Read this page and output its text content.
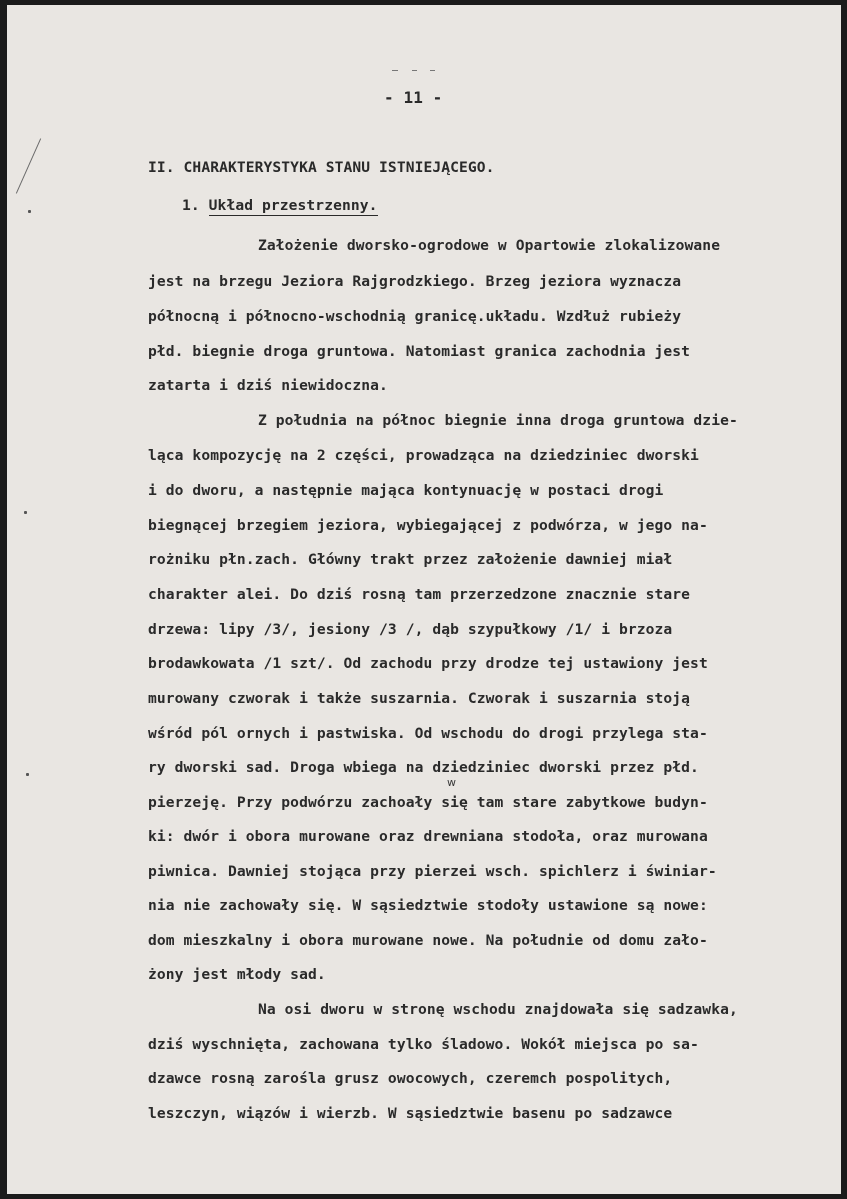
- 11 -
II. CHARAKTERYSTYKA STANU ISTNIEJĄCEGO.
1. Układ przestrzenny.
Założenie dworsko-ogrodowe w Opartowie zlokalizowane
jest na brzegu Jeziora Rajgrodzkiego. Brzeg jeziora wyznacza
północną i północno-wschodnią granicę.układu. Wzdłuż rubieży
płd. biegnie droga gruntowa. Natomiast granica zachodnia jest
zatarta i dziś niewidoczna.
Z południa na północ biegnie inna droga gruntowa dzie-
ląca kompozycję na 2 części, prowadząca na dziedziniec dworski
i do dworu, a następnie mająca kontynuację w postaci drogi
biegnącej brzegiem jeziora, wybiegającej z podwórza, w jego na-
rożniku płn.zach. Główny trakt przez założenie dawniej miał
charakter alei. Do dziś rosną tam przerzedzone znacznie stare
drzewa: lipy /3/, jesiony /3 /, dąb szypułkowy /1/ i brzoza
brodawkowata /1 szt/. Od zachodu przy drodze tej ustawiony jest
murowany czworak i także suszarnia. Czworak i suszarnia stoją
wśród pól ornych i pastwiska. Od wschodu do drogi przylega sta-
ry dworski sad. Droga wbiega na dziedziniec dworski przez płd.
w
pierzeję. Przy podwórzu zachoały się tam stare zabytkowe budyn-
ki: dwór i obora murowane oraz drewniana stodoła, oraz murowana
piwnica. Dawniej stojąca przy pierzei wsch. spichlerz i świniar-
nia nie zachowały się. W sąsiedztwie stodoły ustawione są nowe:
dom mieszkalny i obora murowane nowe. Na południe od domu zało-
żony jest młody sad.
Na osi dworu w stronę wschodu znajdowała się sadzawka,
dziś wyschnięta, zachowana tylko śladowo. Wokół miejsca po sa-
dzawce rosną zarośla grusz owocowych, czeremch pospolitych,
leszczyn, wiązów i wierzb. W sąsiedztwie basenu po sadzawce
